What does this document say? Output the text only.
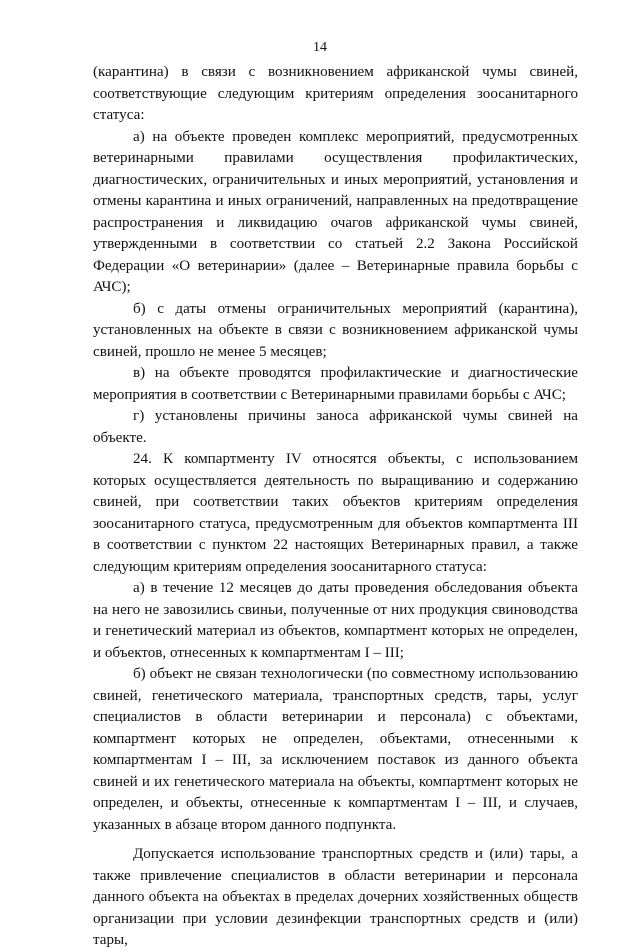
14

(карантина) в связи с возникновением африканской чумы свиней, соответствующие следующим критериям определения зоосанитарного статуса:

а) на объекте проведен комплекс мероприятий, предусмотренных ветеринарными правилами осуществления профилактических, диагностических, ограничительных и иных мероприятий, установления и отмены карантина и иных ограничений, направленных на предотвращение распространения и ликвидацию очагов африканской чумы свиней, утвержденными в соответствии со статьей 2.2 Закона Российской Федерации «О ветеринарии» (далее – Ветеринарные правила борьбы с АЧС);

б) с даты отмены ограничительных мероприятий (карантина), установленных на объекте в связи с возникновением африканской чумы свиней, прошло не менее 5 месяцев;

в) на объекте проводятся профилактические и диагностические мероприятия в соответствии с Ветеринарными правилами борьбы с АЧС;

г) установлены причины заноса африканской чумы свиней на объекте.

24. К компартменту IV относятся объекты, с использованием которых осуществляется деятельность по выращиванию и содержанию свиней, при соответствии таких объектов критериям определения зоосанитарного статуса, предусмотренным для объектов компартмента III в соответствии с пунктом 22 настоящих Ветеринарных правил, а также следующим критериям определения зоосанитарного статуса:

а) в течение 12 месяцев до даты проведения обследования объекта на него не завозились свиньи, полученные от них продукция свиноводства и генетический материал из объектов, компартмент которых не определен, и объектов, отнесенных к компартментам I – III;

б) объект не связан технологически (по совместному использованию свиней, генетического материала, транспортных средств, тары, услуг специалистов в области ветеринарии и персонала) с объектами, компартмент которых не определен, объектами, отнесенными к компартментам I – III, за исключением поставок из данного объекта свиней и их генетического материала на объекты, компартмент которых не определен, и объекты, отнесенные к компартментам I – III, и случаев, указанных в абзаце втором данного подпункта.

Допускается использование транспортных средств и (или) тары, а также привлечение специалистов в области ветеринарии и персонала данного объекта на объектах в пределах дочерних хозяйственных обществ организации при условии дезинфекции транспортных средств и (или) тары,
